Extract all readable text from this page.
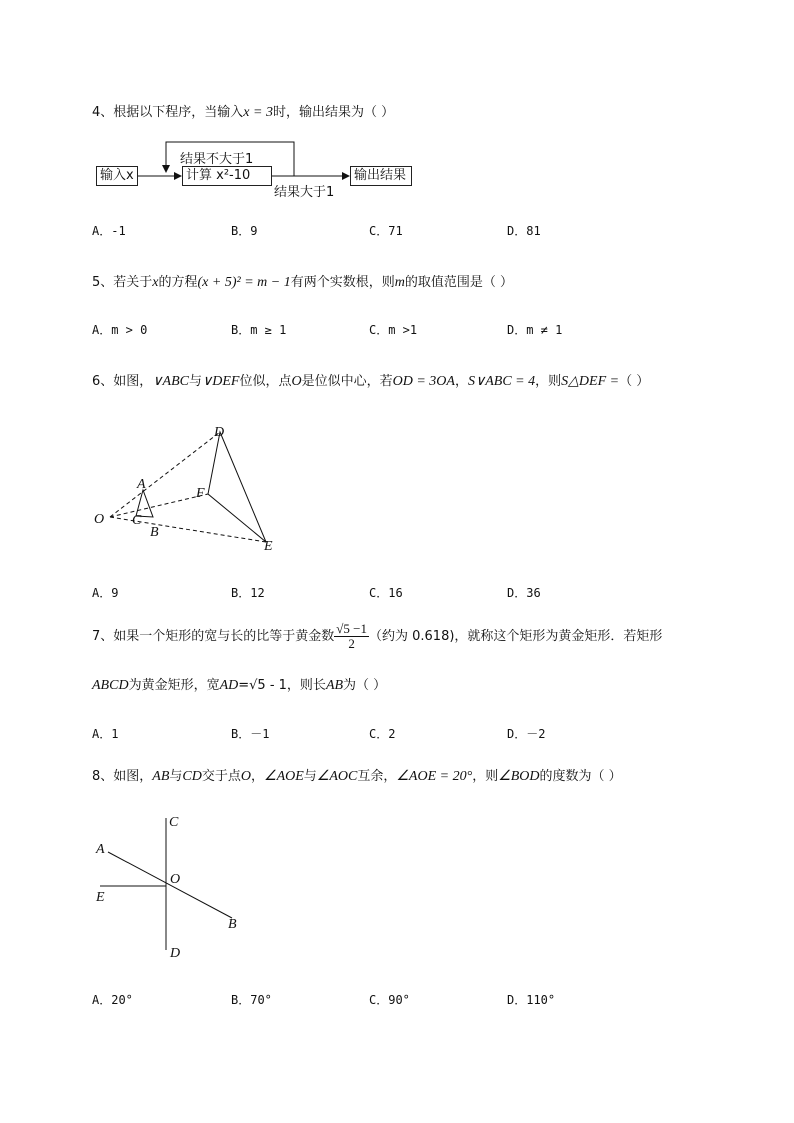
4、根据以下程序，当输入x = 3时，输出结果为（ ）
输入x	计算 x²-10	输出结果
结果不大于1
结果大于1
A．-1	B．9	C．71	D．81
5、若关于x的方程(x + 5)² = m − 1有两个实数根，则m的取值范围是（ ）
A．m > 0	B．m ≥ 1	C．m >1	D．m ≠ 1
6、如图，∨ABC与∨DEF位似，点O是位似中心，若OD = 3OA，S∨ABC = 4，则S△DEF =（ ）
O
A
B
C
D
E
F
A．9	B．12	C．16	D．36
7、如果一个矩形的宽与长的比等于黄金数 $\frac{√5 -1}{2}$ （约为 0.618)，就称这个矩形为黄金矩形．若矩形
ABCD为黄金矩形，宽AD=√5 - 1，则长AB为（ ）
A．1	B．－1	C．2	D．－2
8、如图，AB与CD交于点O，∠AOE与∠AOC互余，∠AOE = 20°，则∠BOD的度数为（ ）
C
A
O
E
B
D
A．20°	B．70°	C．90°	D．110°
